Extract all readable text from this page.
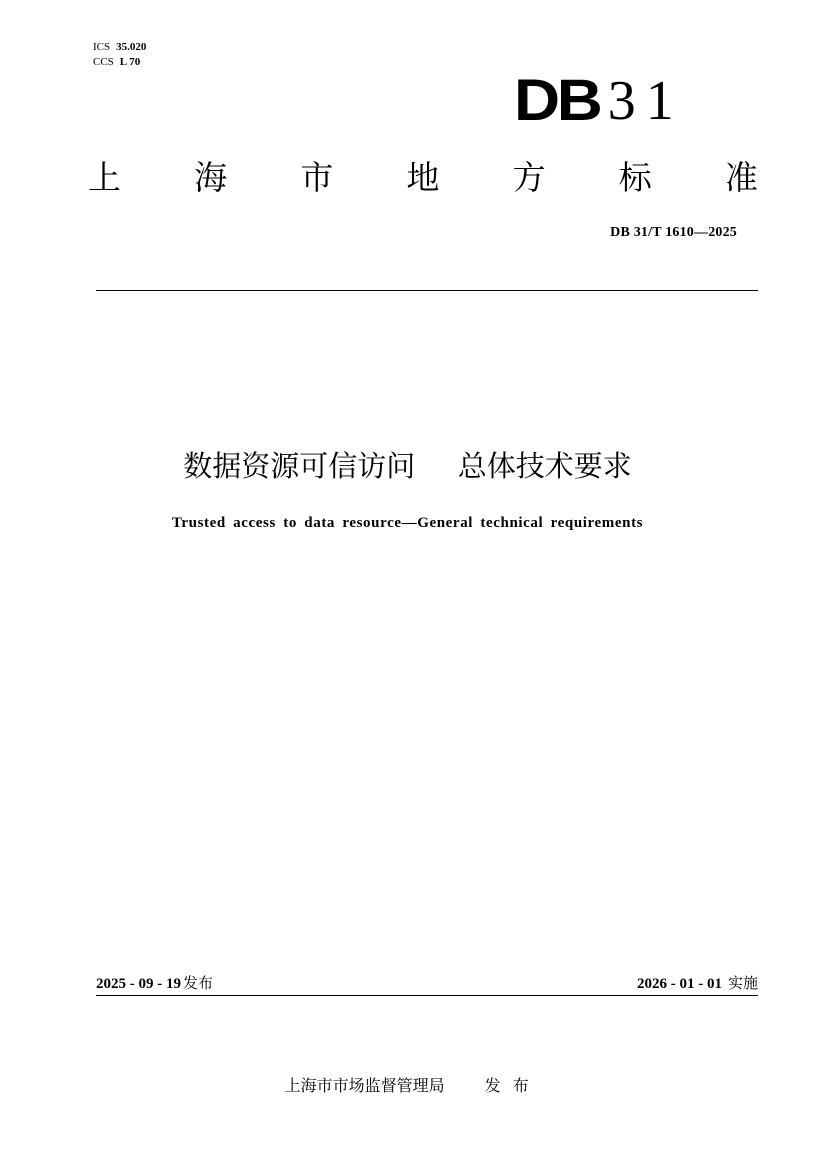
ICS 35.020
CCS L 70
DB 31
上 海 市 地 方 标 准
DB 31/T 1610—2025
数据资源可信访问  总体技术要求
Trusted access to data resource—General technical requirements
2025 - 09 - 19 发布	2026 - 01 - 01 实施

上海市市场监督管理局	发布
